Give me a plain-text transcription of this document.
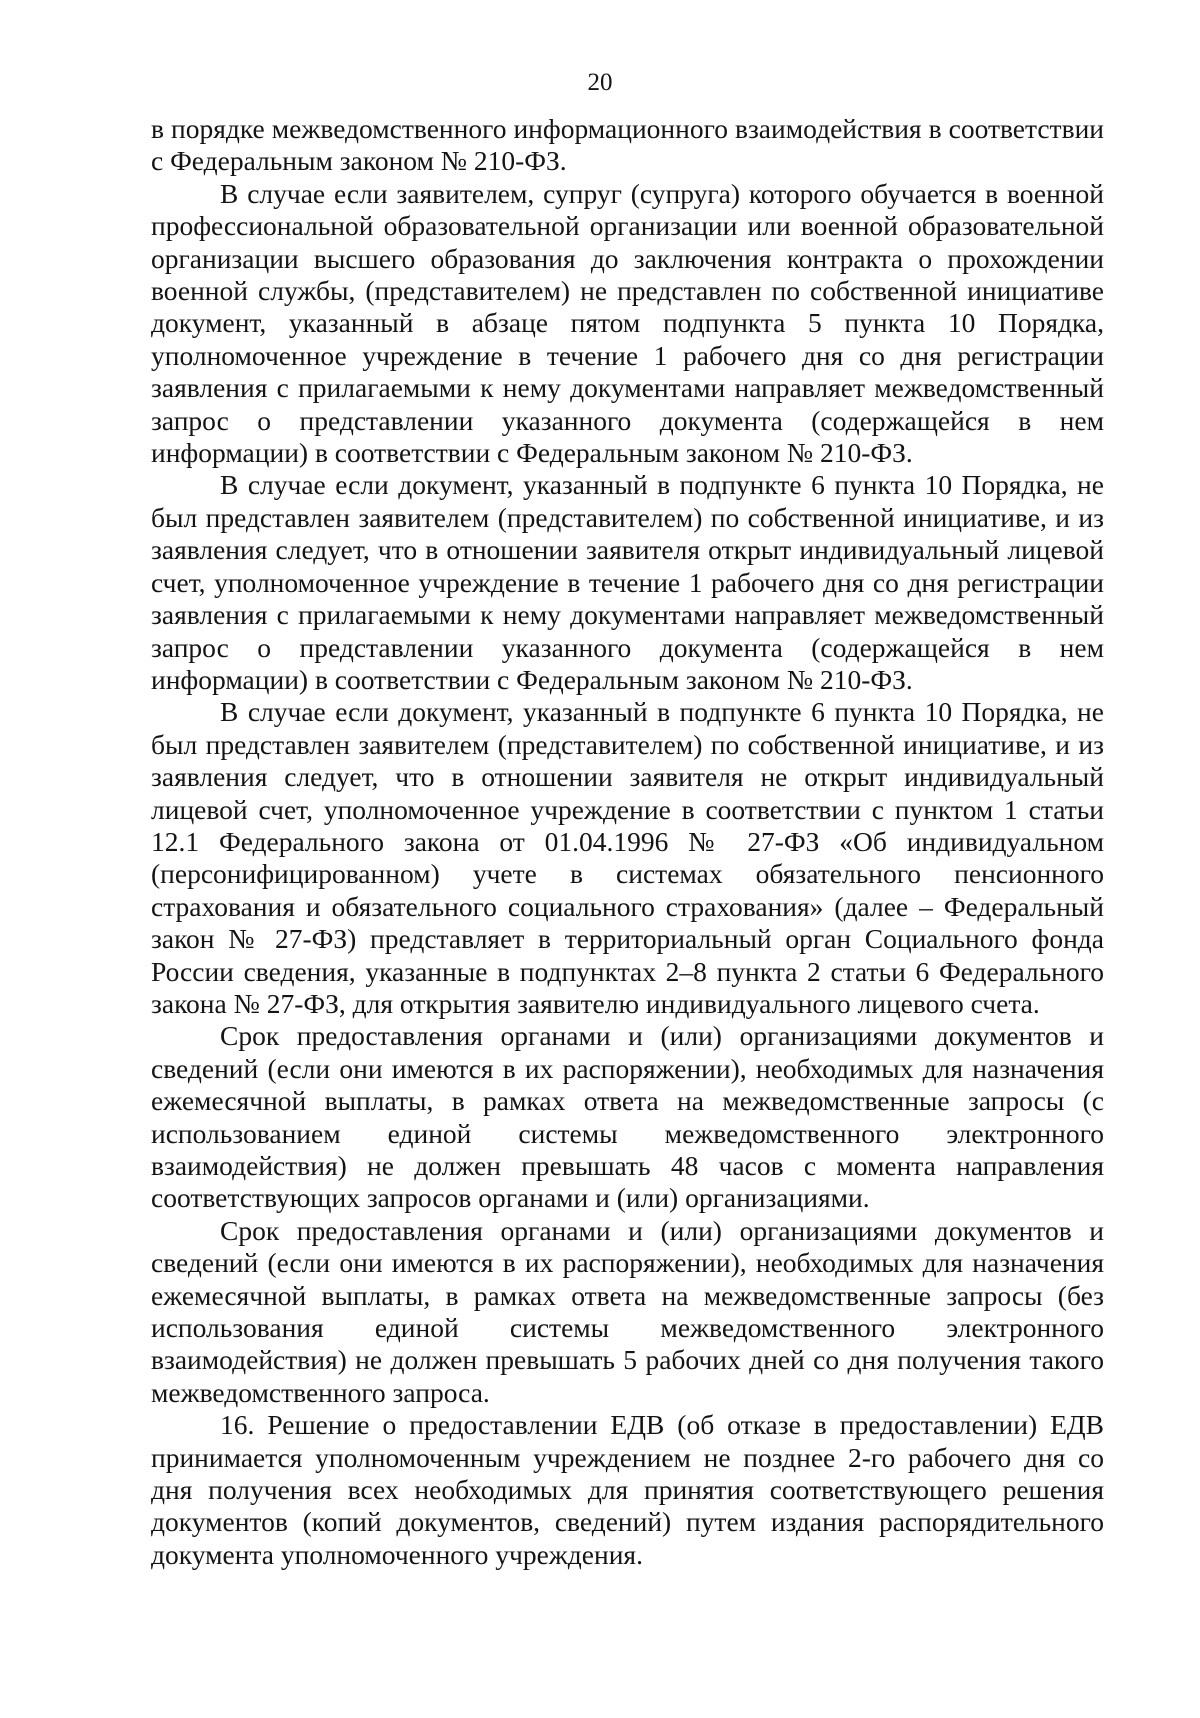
20

в порядке межведомственного информационного взаимодействия в соответствии с Федеральным законом № 210-ФЗ.

В случае если заявителем, супруг (супруга) которого обучается в военной профессиональной образовательной организации или военной образовательной организации высшего образования до заключения контракта о прохождении военной службы, (представителем) не представлен по собственной инициативе документ, указанный в абзаце пятом подпункта 5 пункта 10 Порядка, уполномоченное учреждение в течение 1 рабочего дня со дня регистрации заявления с прилагаемыми к нему документами направляет межведомственный запрос о представлении указанного документа (содержащейся в нем информации) в соответствии с Федеральным законом № 210-ФЗ.

В случае если документ, указанный в подпункте 6 пункта 10 Порядка, не был представлен заявителем (представителем) по собственной инициативе, и из заявления следует, что в отношении заявителя открыт индивидуальный лицевой счет, уполномоченное учреждение в течение 1 рабочего дня со дня регистрации заявления с прилагаемыми к нему документами направляет межведомственный запрос о представлении указанного документа (содержащейся в нем информации) в соответствии с Федеральным законом № 210-ФЗ.

В случае если документ, указанный в подпункте 6 пункта 10 Порядка, не был представлен заявителем (представителем) по собственной инициативе, и из заявления следует, что в отношении заявителя не открыт индивидуальный лицевой счет, уполномоченное учреждение в соответствии с пунктом 1 статьи 12.1 Федерального закона от 01.04.1996 № 27-ФЗ «Об индивидуальном (персонифицированном) учете в системах обязательного пенсионного страхования и обязательного социального страхования» (далее – Федеральный закон № 27-ФЗ) представляет в территориальный орган Социального фонда России сведения, указанные в подпунктах 2–8 пункта 2 статьи 6 Федерального закона № 27-ФЗ, для открытия заявителю индивидуального лицевого счета.

Срок предоставления органами и (или) организациями документов и сведений (если они имеются в их распоряжении), необходимых для назначения ежемесячной выплаты, в рамках ответа на межведомственные запросы (с использованием единой системы межведомственного электронного взаимодействия) не должен превышать 48 часов с момента направления соответствующих запросов органами и (или) организациями.

Срок предоставления органами и (или) организациями документов и сведений (если они имеются в их распоряжении), необходимых для назначения ежемесячной выплаты, в рамках ответа на межведомственные запросы (без использования единой системы межведомственного электронного взаимодействия) не должен превышать 5 рабочих дней со дня получения такого межведомственного запроса.

16. Решение о предоставлении ЕДВ (об отказе в предоставлении) ЕДВ принимается уполномоченным учреждением не позднее 2-го рабочего дня со дня получения всех необходимых для принятия соответствующего решения документов (копий документов, сведений) путем издания распорядительного документа уполномоченного учреждения.
